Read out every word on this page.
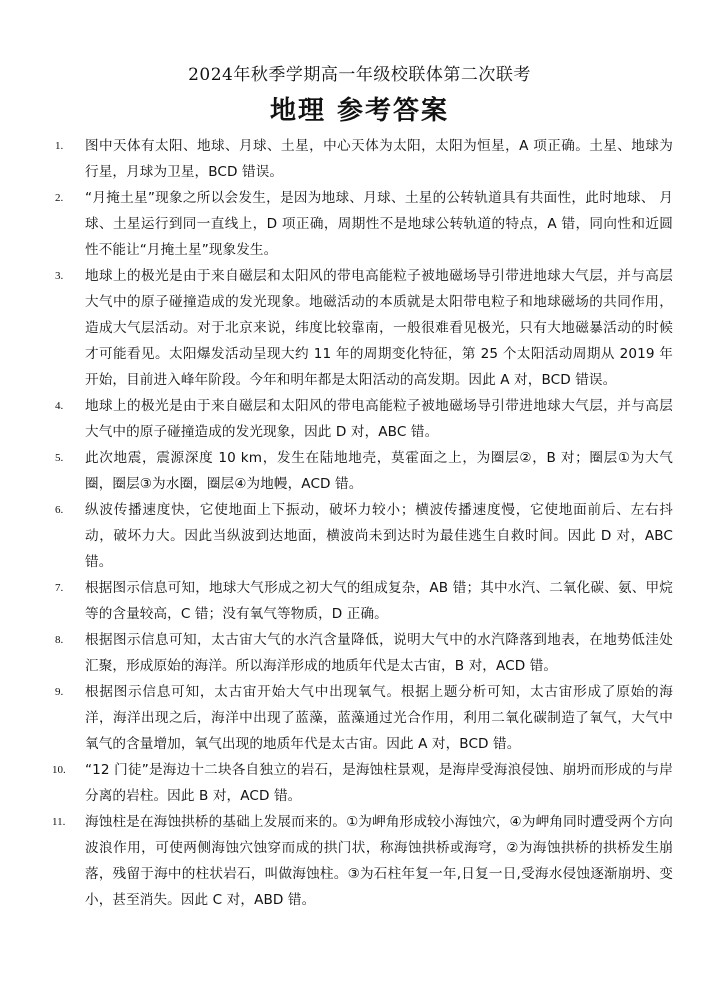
2024年秋季学期高一年级校联体第二次联考
地理 参考答案
1.	图中天体有太阳、地球、月球、土星，中心天体为太阳，太阳为恒星，A 项正确。土星、地球为行星，月球为卫星，BCD 错误。
2.	“月掩土星”现象之所以会发生，是因为地球、月球、土星的公转轨道具有共面性，此时地球、 月球、土星运行到同一直线上，D 项正确，周期性不是地球公转轨道的特点，A 错，同向性和近圆性不能让“月掩土星”现象发生。
3.	地球上的极光是由于来自磁层和太阳风的带电高能粒子被地磁场导引带进地球大气层，并与高层大气中的原子碰撞造成的发光现象。地磁活动的本质就是太阳带电粒子和地球磁场的共同作用，造成大气层活动。对于北京来说，纬度比较靠南，一般很难看见极光，只有大地磁暴活动的时候才可能看见。太阳爆发活动呈现大约 11 年的周期变化特征，第 25 个太阳活动周期从 2019 年开始，目前进入峰年阶段。今年和明年都是太阳活动的高发期。因此 A 对，BCD 错误。
4.	地球上的极光是由于来自磁层和太阳风的带电高能粒子被地磁场导引带进地球大气层，并与高层大气中的原子碰撞造成的发光现象，因此 D 对，ABC 错。
5.	此次地震，震源深度 10 km，发生在陆地地壳，莫霍面之上，为圈层②，B 对；圈层①为大气圈，圈层③为水圈，圈层④为地幔，ACD 错。
6.	纵波传播速度快，它使地面上下振动，破坏力较小；横波传播速度慢，它使地面前后、左右抖动，破坏力大。因此当纵波到达地面，横波尚未到达时为最佳逃生自救时间。因此 D 对，ABC 错。
7.	根据图示信息可知，地球大气形成之初大气的组成复杂，AB 错；其中水汽、二氧化碳、氨、甲烷等的含量较高，C 错；没有氧气等物质，D 正确。
8.	根据图示信息可知，太古宙大气的水汽含量降低，说明大气中的水汽降落到地表，在地势低洼处汇聚，形成原始的海洋。所以海洋形成的地质年代是太古宙，B 对，ACD 错。
9.	根据图示信息可知，太古宙开始大气中出现氧气。根据上题分析可知，太古宙形成了原始的海洋，海洋出现之后，海洋中出现了蓝藻，蓝藻通过光合作用，利用二氧化碳制造了氧气，大气中氧气的含量增加，氧气出现的地质年代是太古宙。因此 A 对，BCD 错。
10.	“12 门徒”是海边十二块各自独立的岩石，是海蚀柱景观，是海岸受海浪侵蚀、崩坍而形成的与岸分离的岩柱。因此 B 对，ACD 错。
11.	海蚀柱是在海蚀拱桥的基础上发展而来的。①为岬角形成较小海蚀穴，④为岬角同时遭受两个方向波浪作用，可使两侧海蚀穴蚀穿而成的拱门状，称海蚀拱桥或海穹，②为海蚀拱桥的拱桥发生崩落，残留于海中的柱状岩石，叫做海蚀柱。③为石柱年复一年,日复一日,受海水侵蚀逐渐崩坍、变小，甚至消失。因此 C 对，ABD 错。
